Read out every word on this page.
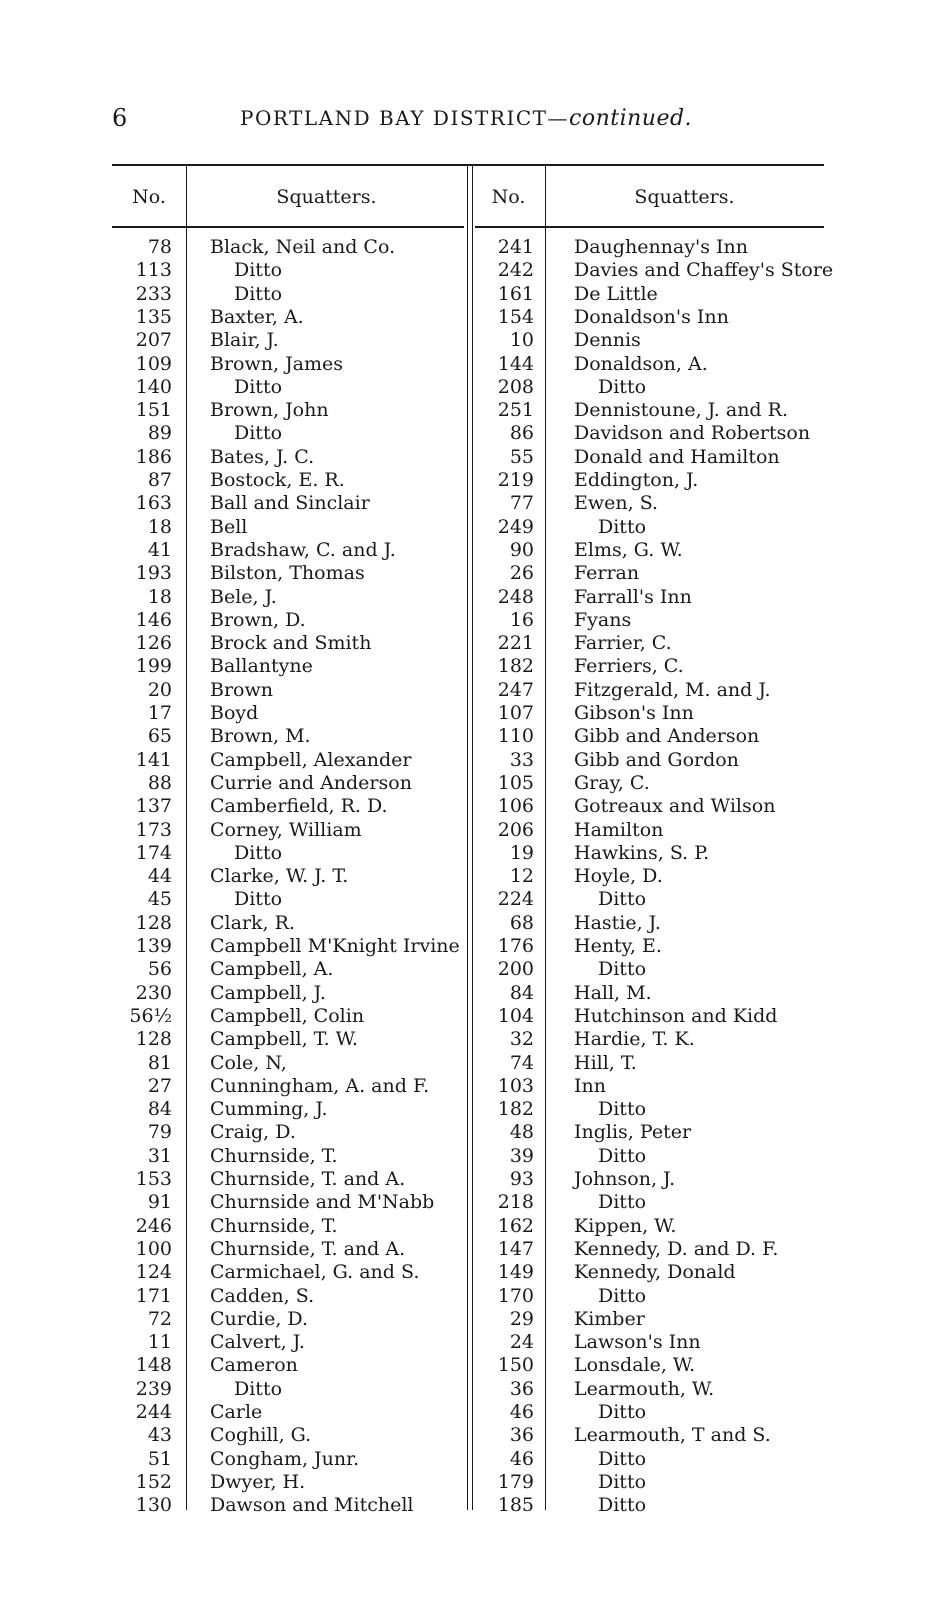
6	PORTLAND BAY DISTRICT—continued.
No.	Squatters.	No.	Squatters.
78 Black, Neil and Co.	241 Daughennay's Inn
113	Ditto	242 Davies and Chaffey's Store
233	Ditto	161 De Little
135 Baxter, A.	154 Donaldson's Inn
207 Blair, J.	10 Dennis
109 Brown, James	144 Donaldson, A.
140	Ditto	208	Ditto
151 Brown, John	251 Dennistoune, J. and R.
89	Ditto	86 Davidson and Robertson
186 Bates, J. C.	55 Donald and Hamilton
87 Bostock, E. R.	219 Eddington, J.
163 Ball and Sinclair	77 Ewen, S.
18 Bell	249	Ditto
41 Bradshaw, C. and J.	90 Elms, G. W.
193 Bilston, Thomas	26 Ferran
18 Bele, J.	248 Farrall's Inn
146 Brown, D.	16 Fyans
126 Brock and Smith	221 Farrier, C.
199 Ballantyne	182 Ferriers, C.
20 Brown	247 Fitzgerald, M. and J.
17 Boyd	107 Gibson's Inn
65 Brown, M.	110 Gibb and Anderson
141 Campbell, Alexander	33 Gibb and Gordon
88 Currie and Anderson	105 Gray, C.
137 Camberfield, R. D.	106 Gotreaux and Wilson
173 Corney, William	206 Hamilton
174	Ditto	19 Hawkins, S. P.
44 Clarke, W. J. T.	12 Hoyle, D.
45	Ditto	224	Ditto
128 Clark, R.	68 Hastie, J.
139 Campbell M'Knight Irvine	176 Henty, E.
56 Campbell, A.	200	Ditto
230 Campbell, J.	84 Hall, M.
56½ Campbell, Colin	104 Hutchinson and Kidd
128 Campbell, T. W.	32 Hardie, T. K.
81 Cole, N,	74 Hill, T.
27 Cunningham, A. and F.	103 Inn
84 Cumming, J.	182	Ditto
79 Craig, D.	48 Inglis, Peter
31 Churnside, T.	39	Ditto
153 Churnside, T. and A.	93 Johnson, J.
91 Churnside and M'Nabb	218	Ditto
246 Churnside, T.	162 Kippen, W.
100 Churnside, T. and A.	147 Kennedy, D. and D. F.
124 Carmichael, G. and S.	149 Kennedy, Donald
171 Cadden, S.	170	Ditto
72 Curdie, D.	29 Kimber
11 Calvert, J.	24 Lawson's Inn
148 Cameron	150 Lonsdale, W.
239	Ditto	36 Learmouth, W.
244 Carle	46	Ditto
43 Coghill, G.	36 Learmouth, T and S.
51 Congham, Junr.	46	Ditto
152 Dwyer, H.	179	Ditto
130 Dawson and Mitchell	185	Ditto
